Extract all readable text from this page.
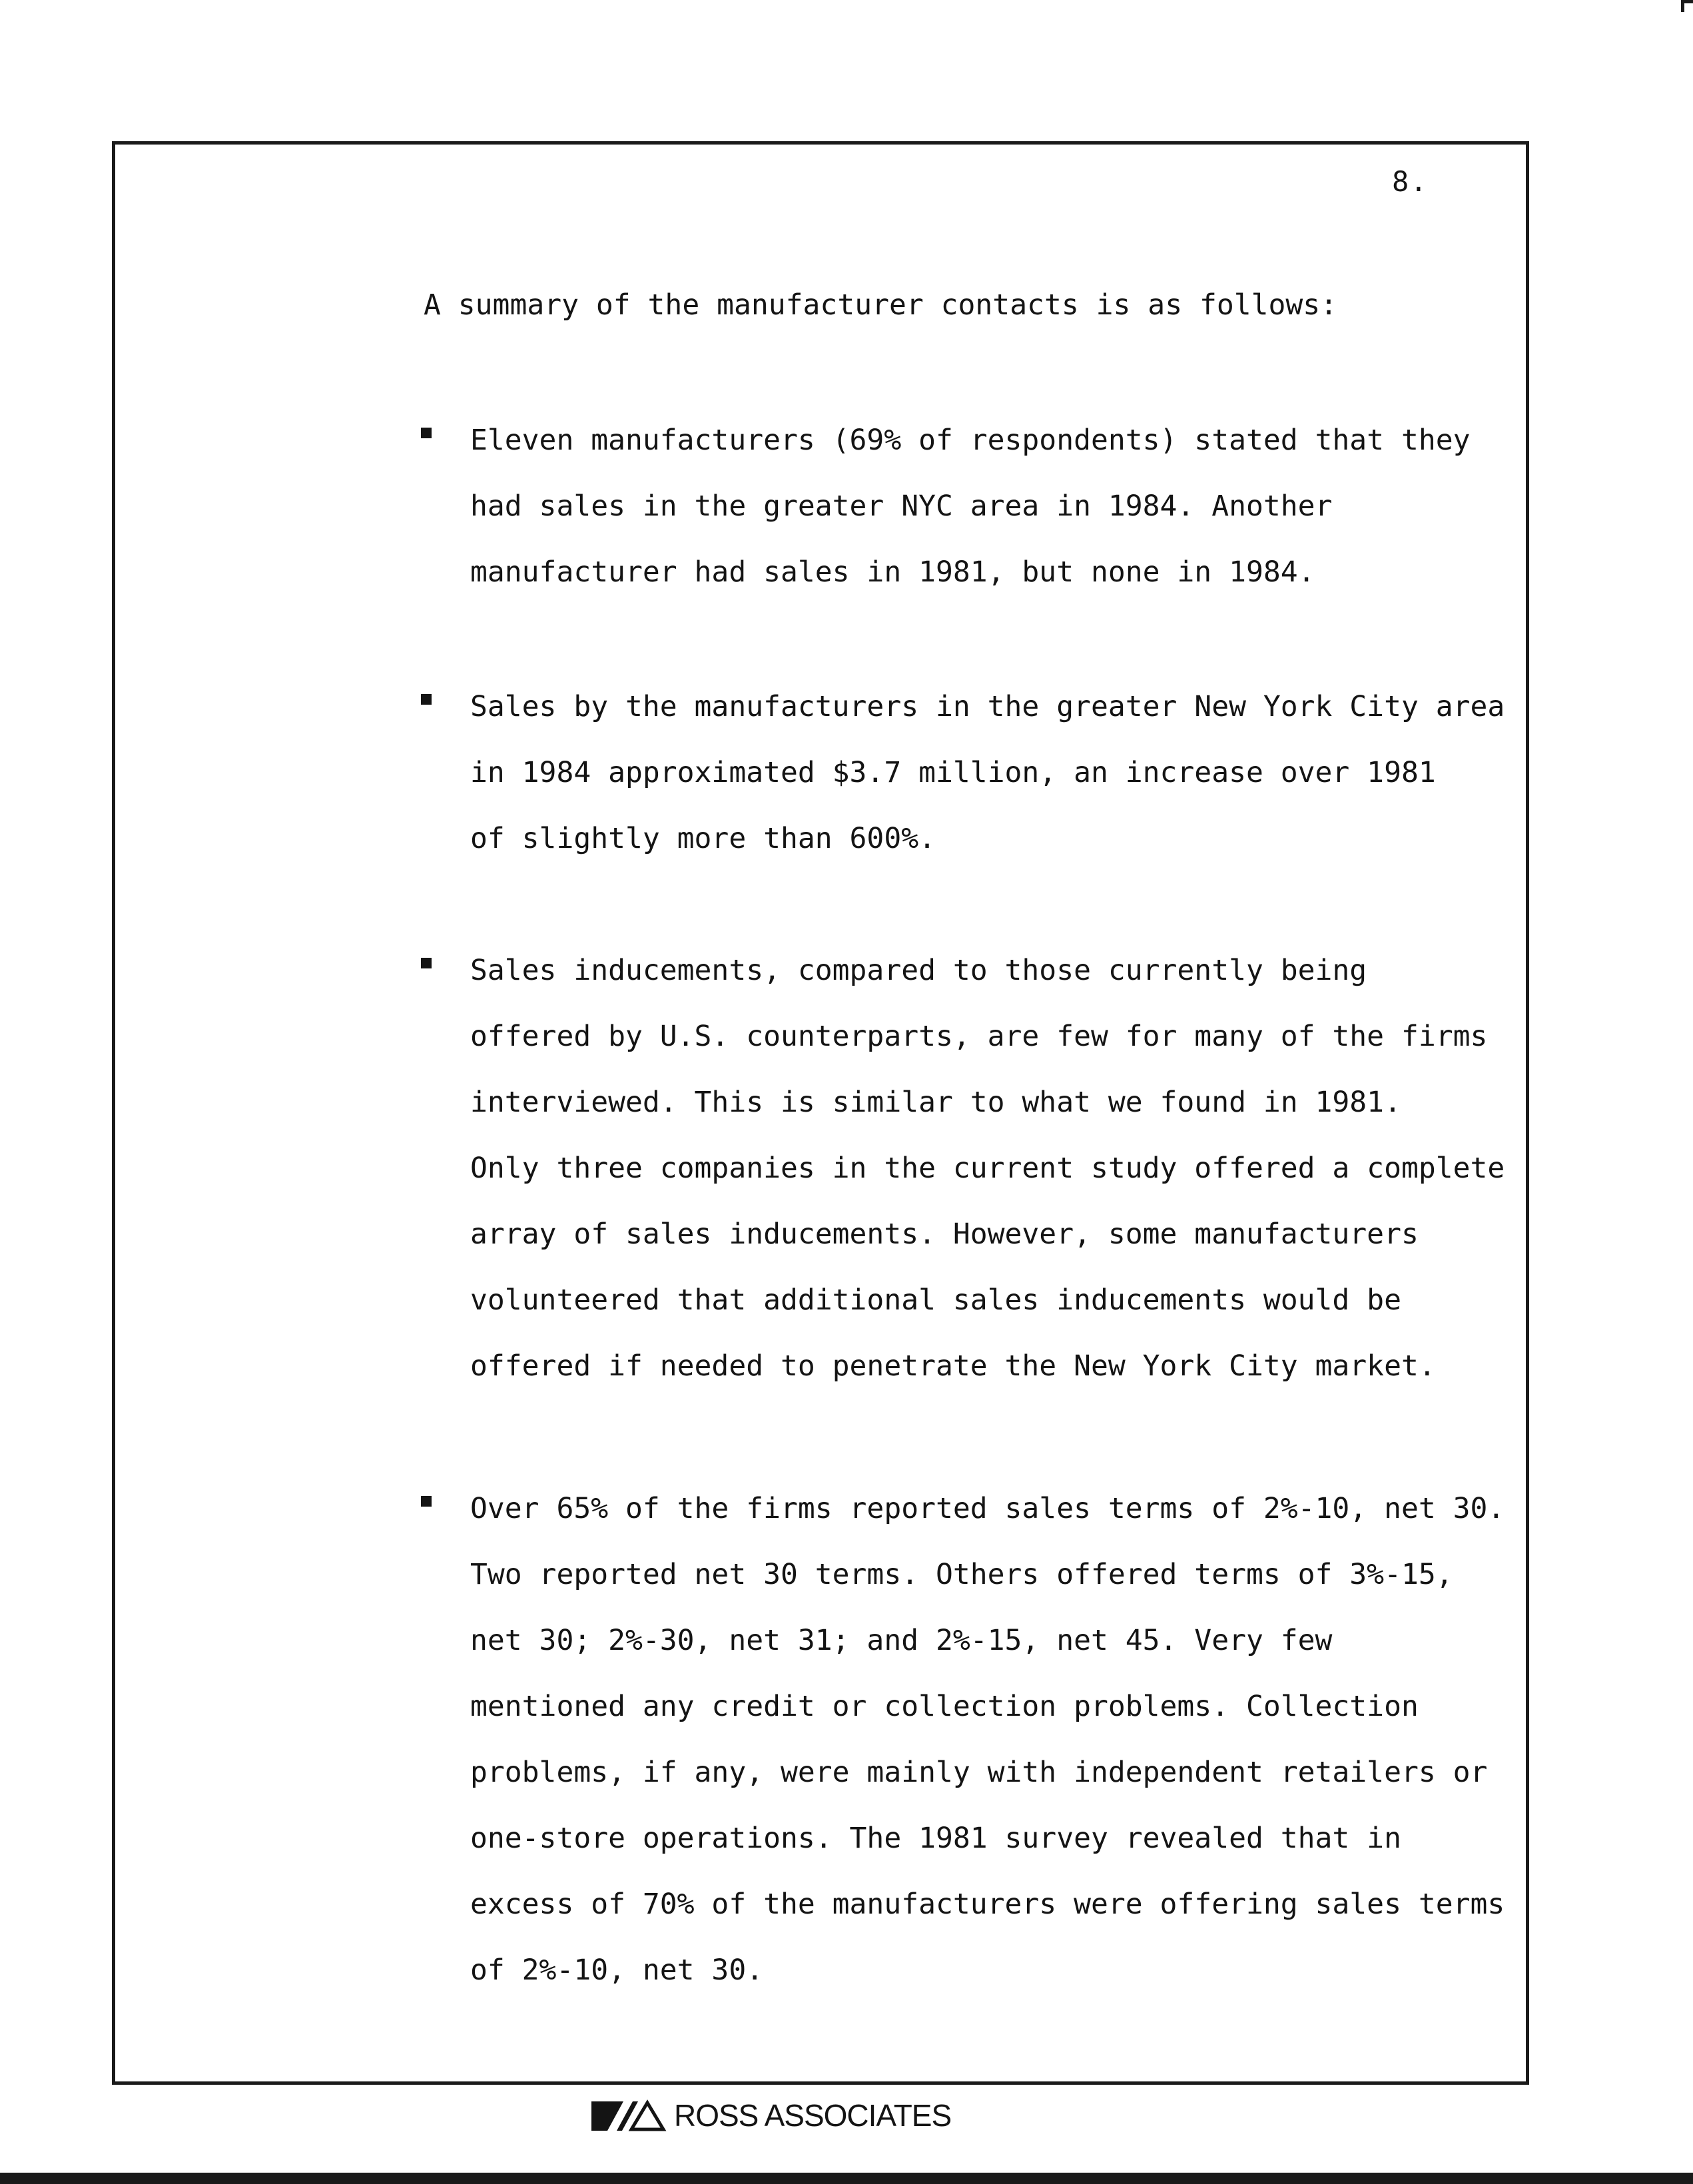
8.
A summary of the manufacturer contacts is as follows:
Eleven manufacturers (69% of respondents) stated that they
had sales in the greater NYC area in 1984. Another
manufacturer had sales in 1981, but none in 1984.
Sales by the manufacturers in the greater New York City area
in 1984 approximated $3.7 million, an increase over 1981
of slightly more than 600%.
Sales inducements, compared to those currently being
offered by U.S. counterparts, are few for many of the firms
interviewed. This is similar to what we found in 1981.
Only three companies in the current study offered a complete
array of sales inducements. However, some manufacturers
volunteered that additional sales inducements would be
offered if needed to penetrate the New York City market.
Over 65% of the firms reported sales terms of 2%-10, net 30.
Two reported net 30 terms. Others offered terms of 3%-15,
net 30; 2%-30, net 31; and 2%-15, net 45. Very few
mentioned any credit or collection problems. Collection
problems, if any, were mainly with independent retailers or
one-store operations. The 1981 survey revealed that in
excess of 70% of the manufacturers were offering sales terms
of 2%-10, net 30.
ROSS ASSOCIATES
